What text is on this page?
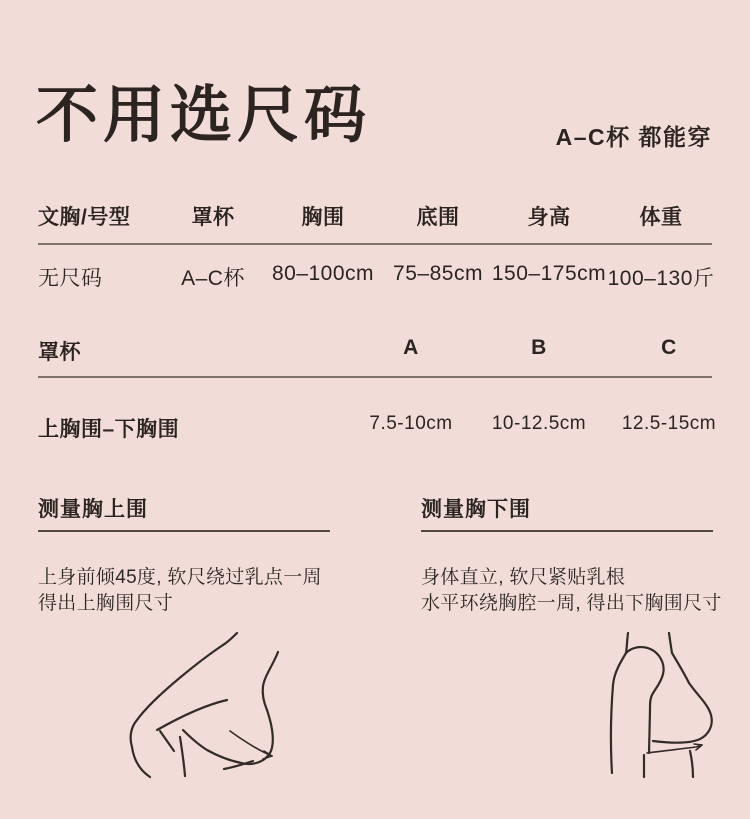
不用选尺码	A–C杯 都能穿
文胸/号型	罩杯	胸围	底围	身高	体重
无尺码	A–C杯 80–100cm 75–85cm 150–175cm 100–130斤
罩杯	A	B	C
上胸围–下胸围	7.5-10cm 10-12.5cm 12.5-15cm
测量胸上围
上身前倾45度, 软尺绕过乳点一周
得出上胸围尺寸
测量胸下围
身体直立, 软尺紧贴乳根
水平环绕胸腔一周, 得出下胸围尺寸
